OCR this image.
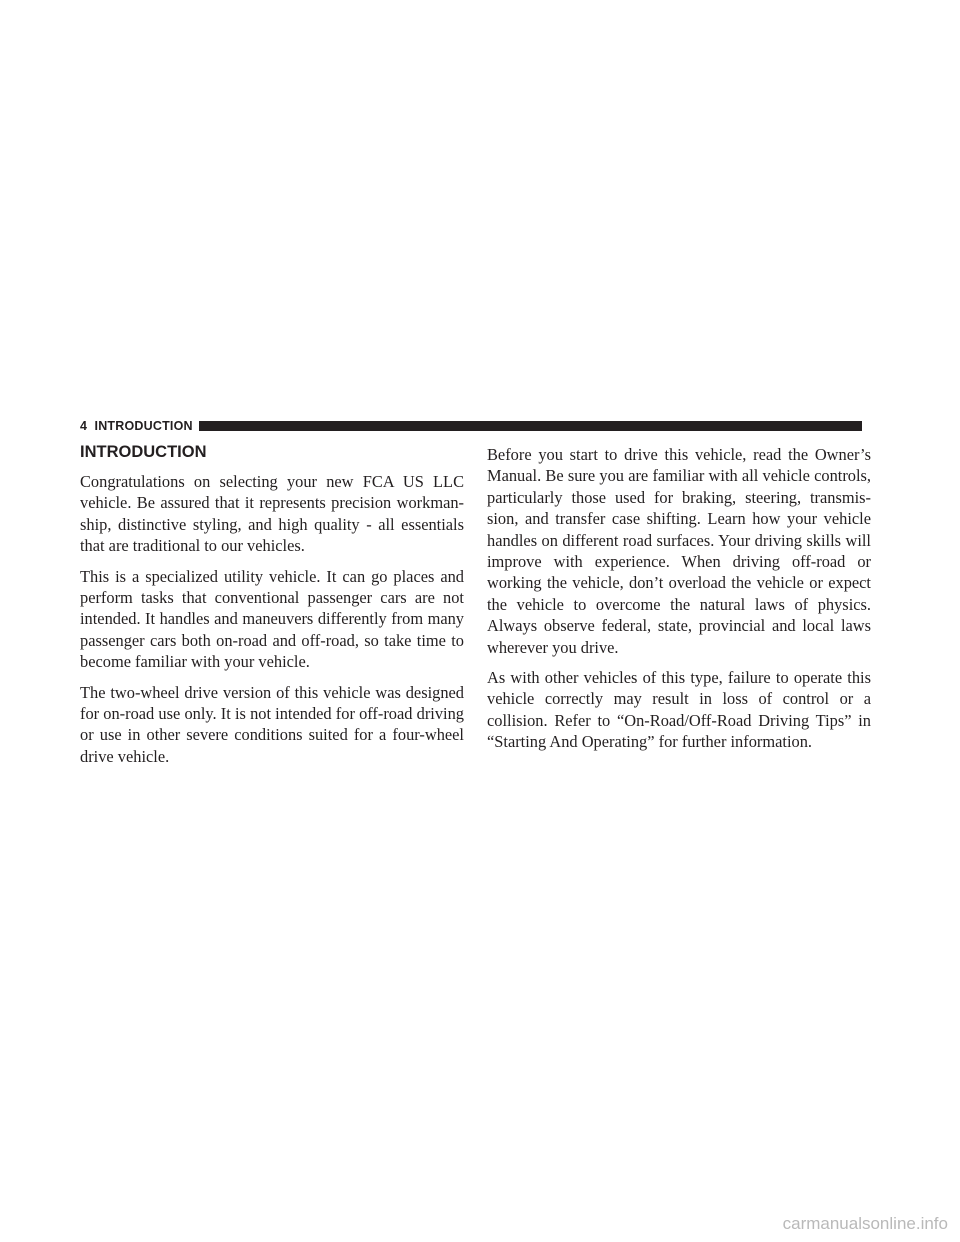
4 INTRODUCTION
INTRODUCTION

Congratulations on selecting your new FCA US LLC vehicle. Be assured that it represents precision workman-ship, distinctive styling, and high quality - all essentials that are traditional to our vehicles.

This is a specialized utility vehicle. It can go places and perform tasks that conventional passenger cars are not intended. It handles and maneuvers differently from many passenger cars both on-road and off-road, so take time to become familiar with your vehicle.

The two-wheel drive version of this vehicle was designed for on-road use only. It is not intended for off-road driving or use in other severe conditions suited for a four-wheel drive vehicle.

Before you start to drive this vehicle, read the Owner’s Manual. Be sure you are familiar with all vehicle controls, particularly those used for braking, steering, transmis-sion, and transfer case shifting. Learn how your vehicle handles on different road surfaces. Your driving skills will improve with experience. When driving off-road or working the vehicle, don’t overload the vehicle or expect the vehicle to overcome the natural laws of physics. Always observe federal, state, provincial and local laws wherever you drive.

As with other vehicles of this type, failure to operate this vehicle correctly may result in loss of control or a collision. Refer to “On-Road/Off-Road Driving Tips” in “Starting And Operating” for further information.

carmanualsonline.info
